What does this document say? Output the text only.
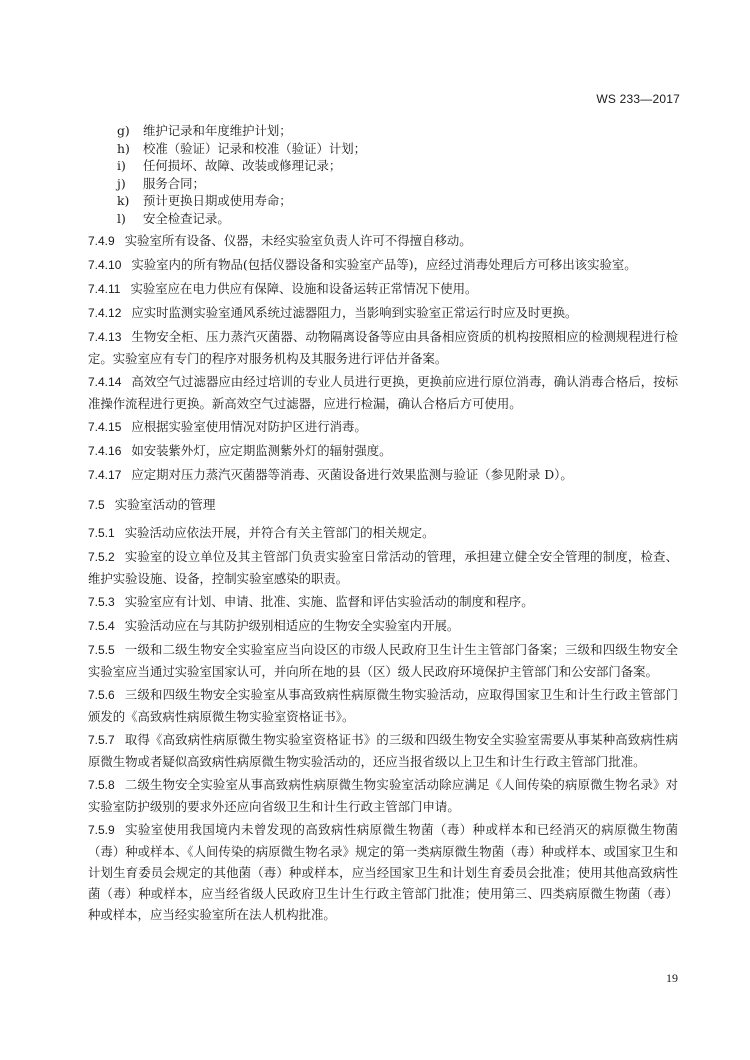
WS 233—2017
g)	维护记录和年度维护计划；
h)	校准（验证）记录和校准（验证）计划；
i)	任何损坏、故障、改装或修理记录；
j)	服务合同；
k)	预计更换日期或使用寿命；
l)	安全检查记录。
7.4.9 实验室所有设备、仪器，未经实验室负责人许可不得擅自移动。
7.4.10 实验室内的所有物品(包括仪器设备和实验室产品等)，应经过消毒处理后方可移出该实验室。
7.4.11 实验室应在电力供应有保障、设施和设备运转正常情况下使用。
7.4.12 应实时监测实验室通风系统过滤器阻力，当影响到实验室正常运行时应及时更换。
7.4.13 生物安全柜、压力蒸汽灭菌器、动物隔离设备等应由具备相应资质的机构按照相应的检测规程进行检定。实验室应有专门的程序对服务机构及其服务进行评估并备案。
7.4.14 高效空气过滤器应由经过培训的专业人员进行更换，更换前应进行原位消毒，确认消毒合格后，按标准操作流程进行更换。新高效空气过滤器，应进行检漏，确认合格后方可使用。
7.4.15 应根据实验室使用情况对防护区进行消毒。
7.4.16 如安装紫外灯，应定期监测紫外灯的辐射强度。
7.4.17 应定期对压力蒸汽灭菌器等消毒、灭菌设备进行效果监测与验证（参见附录 D）。
7.5 实验室活动的管理
7.5.1 实验活动应依法开展，并符合有关主管部门的相关规定。
7.5.2 实验室的设立单位及其主管部门负责实验室日常活动的管理，承担建立健全安全管理的制度，检查、维护实验设施、设备，控制实验室感染的职责。
7.5.3 实验室应有计划、申请、批准、实施、监督和评估实验活动的制度和程序。
7.5.4 实验活动应在与其防护级别相适应的生物安全实验室内开展。
7.5.5 一级和二级生物安全实验室应当向设区的市级人民政府卫生计生主管部门备案；三级和四级生物安全实验室应当通过实验室国家认可，并向所在地的县（区）级人民政府环境保护主管部门和公安部门备案。
7.5.6 三级和四级生物安全实验室从事高致病性病原微生物实验活动，应取得国家卫生和计生行政主管部门颁发的《高致病性病原微生物实验室资格证书》。
7.5.7 取得《高致病性病原微生物实验室资格证书》的三级和四级生物安全实验室需要从事某种高致病性病原微生物或者疑似高致病性病原微生物实验活动的，还应当报省级以上卫生和计生行政主管部门批准。
7.5.8 二级生物安全实验室从事高致病性病原微生物实验室活动除应满足《人间传染的病原微生物名录》对实验室防护级别的要求外还应向省级卫生和计生行政主管部门申请。
7.5.9 实验室使用我国境内未曾发现的高致病性病原微生物菌（毒）种或样本和已经消灭的病原微生物菌（毒）种或样本、《人间传染的病原微生物名录》规定的第一类病原微生物菌（毒）种或样本、或国家卫生和计划生育委员会规定的其他菌（毒）种或样本，应当经国家卫生和计划生育委员会批准；使用其他高致病性菌（毒）种或样本，应当经省级人民政府卫生计生行政主管部门批准；使用第三、四类病原微生物菌（毒）种或样本，应当经实验室所在法人机构批准。
19
